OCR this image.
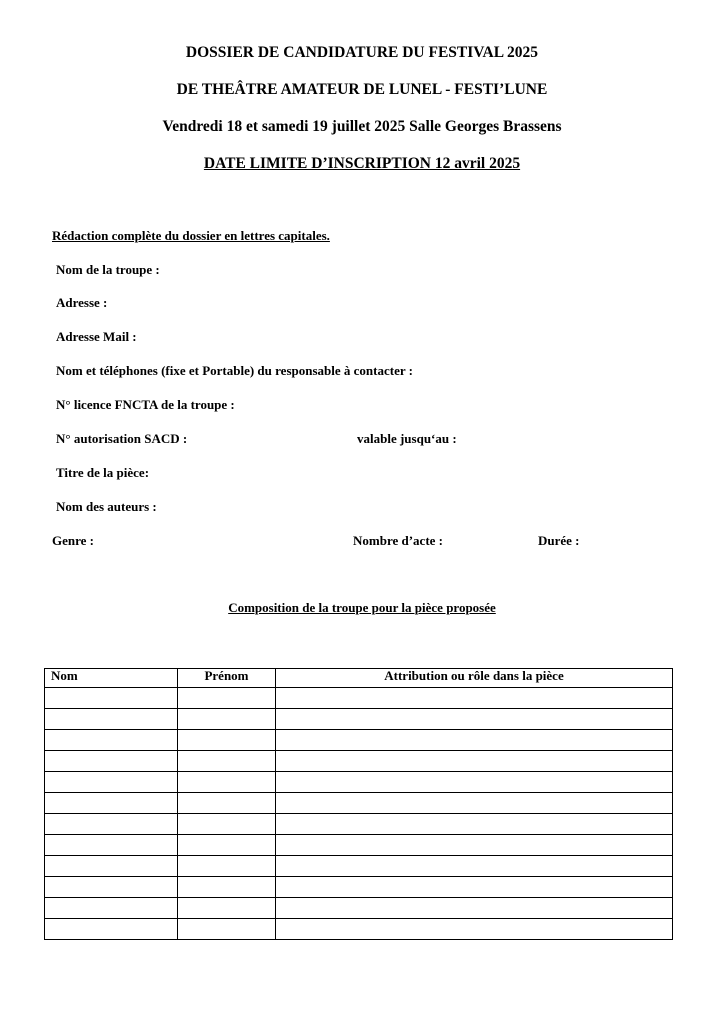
DOSSIER DE CANDIDATURE DU FESTIVAL 2025
DE THEÂTRE AMATEUR DE LUNEL - FESTI’LUNE
Vendredi 18 et samedi 19 juillet 2025 Salle Georges Brassens
DATE LIMITE D’INSCRIPTION 12 avril 2025
Rédaction complète du dossier en lettres capitales.
Nom de la troupe :
Adresse :
Adresse Mail :
Nom et téléphones (fixe et Portable) du responsable à contacter :
N° licence FNCTA de la troupe :
N° autorisation SACD :	valable jusqu‘au :
Titre de la pièce:
Nom des auteurs :
Genre :	Nombre d’acte :	Durée :
Composition de la troupe pour la pièce proposée
Nom	Prénom	Attribution ou rôle dans la pièce
